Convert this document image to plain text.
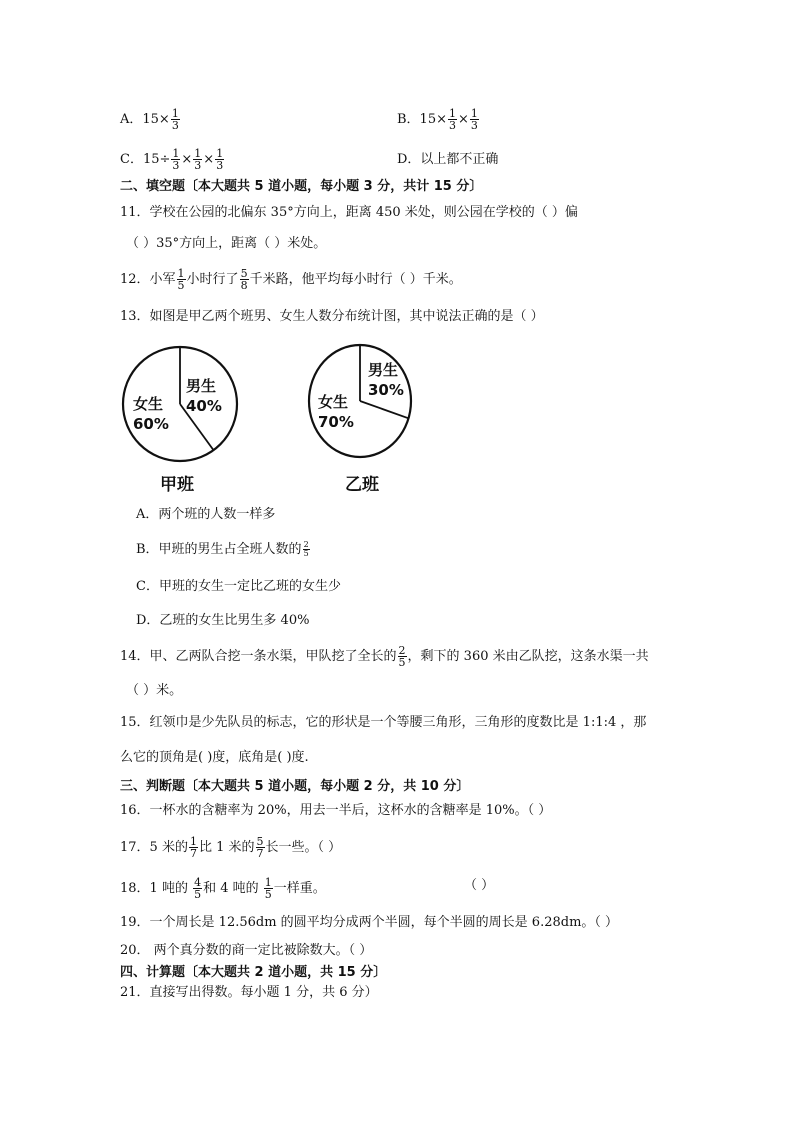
A．$15\times \frac{1}{3}$	B．$15\times \frac{1}{3} \times \frac{1}{3}$
C．$15\div \frac{1}{3} \times \frac{1}{3} \times \frac{1}{3}$	D．以上都不正确
二、填空题〔本大题共 5 道小题，每小题 3 分，共计 15 分〕
11．学校在公园的北偏东 35°方向上，距离 450 米处，则公园在学校的（ ）偏
（ ）35°方向上，距离（ ）米处。
12．小军 $\frac{1}{5}$ 小时行了 $\frac{5}{8}$ 千米路，他平均每小时行（ ）千米。
13．如图是甲乙两个班男、女生人数分布统计图，其中说法正确的是（ ）
女生
60%
男生
40%
甲班
女生
70%
男生
30%
乙班
A．两个班的人数一样多
B．甲班的男生占全班人数的 $\frac{2}{5}$
C．甲班的女生一定比乙班的女生少
D．乙班的女生比男生多 40%
14．甲、乙两队合挖一条水渠，甲队挖了全长的 $\frac{2}{5}$ ，剩下的 360 米由乙队挖，这条水渠一共
（ ）米。
15．红领巾是少先队员的标志，它的形状是一个等腰三角形，三角形的度数比是 1:1:4 ，那
么它的顶角是( )度，底角是( )度.
三、判断题〔本大题共 5 道小题，每小题 2 分，共 10 分〕
16．一杯水的含糖率为 20%，用去一半后，这杯水的含糖率是 10%。（ ）
17．5 米的 $\frac{1}{7}$ 比 1 米的 $\frac{5}{7}$ 长一些。（ ）
18．1 吨的 $\frac{4}{5}$ 和 4 吨的 $\frac{1}{5}$ 一样重。	（ ）
19．一个周长是 12.56dm 的圆平均分成两个半圆，每个半圆的周长是 6.28dm。（ ）
20． 两个真分数的商一定比被除数大。（ ）
四、计算题〔本大题共 2 道小题，共 15 分〕
21．直接写出得数。每小题 1 分，共 6 分）
